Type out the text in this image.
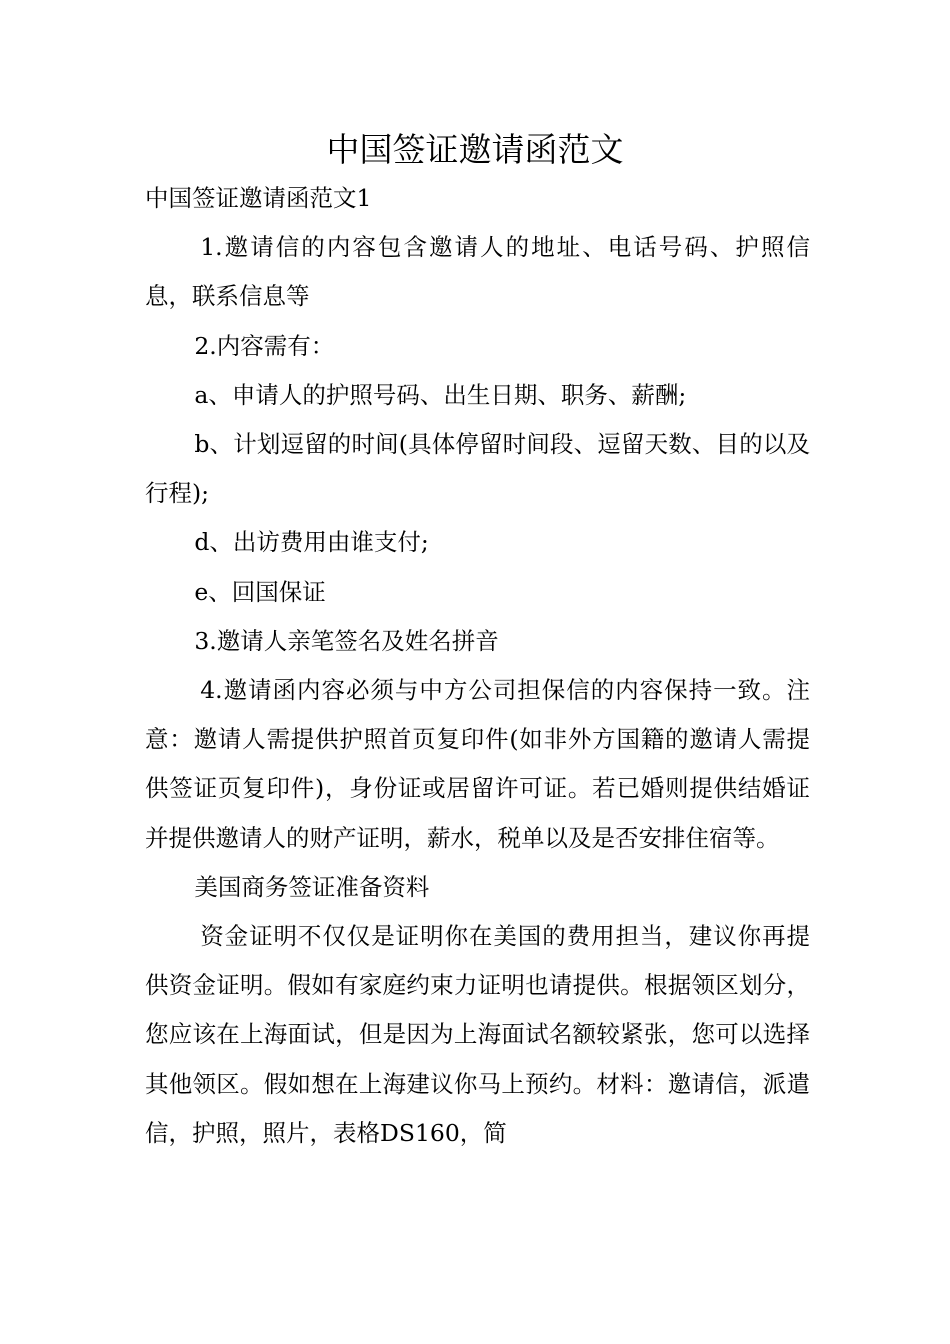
中国签证邀请函范文

中国签证邀请函范文1

1.邀请信的内容包含邀请人的地址、电话号码、护照信息，联系信息等

2.内容需有：

a、申请人的护照号码、出生日期、职务、薪酬;

b、计划逗留的时间(具体停留时间段、逗留天数、目的以及行程);

d、出访费用由谁支付;

e、回国保证

3.邀请人亲笔签名及姓名拼音

4.邀请函内容必须与中方公司担保信的内容保持一致。注意：邀请人需提供护照首页复印件(如非外方国籍的邀请人需提供签证页复印件)，身份证或居留许可证。若已婚则提供结婚证并提供邀请人的财产证明，薪水，税单以及是否安排住宿等。

美国商务签证准备资料

资金证明不仅仅是证明你在美国的费用担当，建议你再提供资金证明。假如有家庭约束力证明也请提供。根据领区划分，您应该在上海面试，但是因为上海面试名额较紧张，您可以选择其他领区。假如想在上海建议你马上预约。材料：邀请信，派遣信，护照，照片，表格DS160，简
